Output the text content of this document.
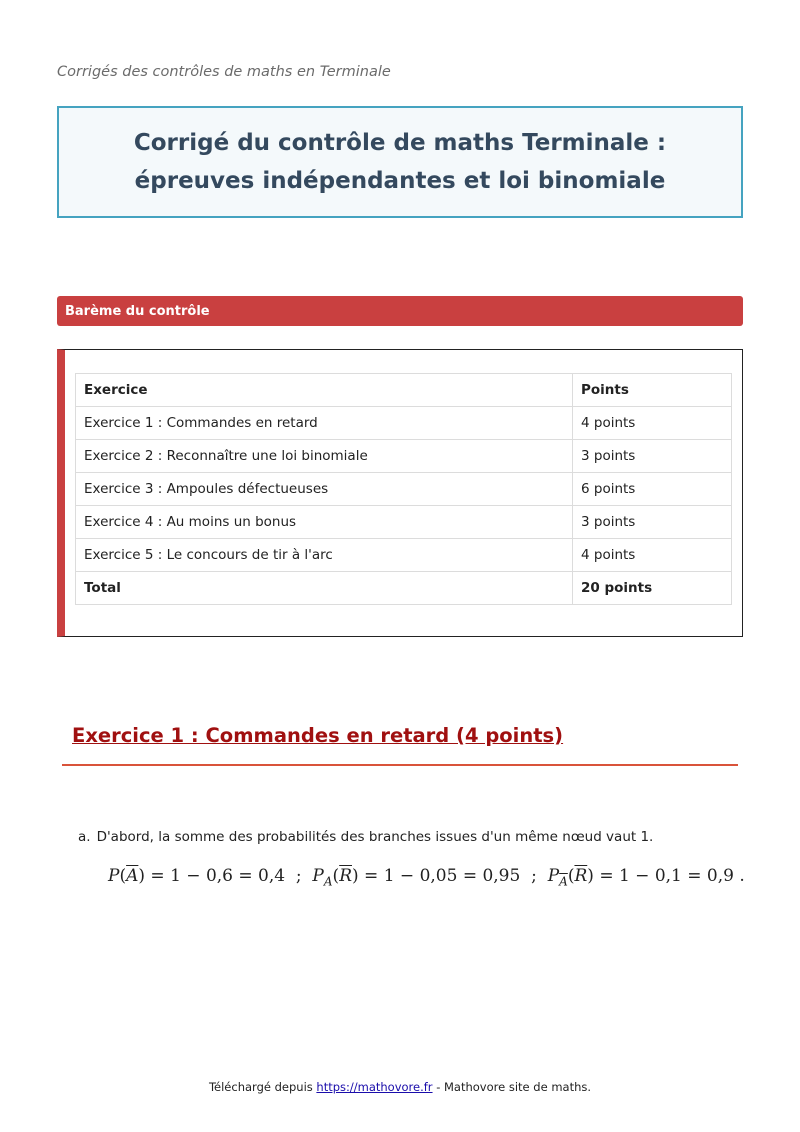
Corrigés des contrôles de maths en Terminale
Corrigé du contrôle de maths Terminale : épreuves indépendantes et loi binomiale
Barème du contrôle
Exercice	Points
Exercice 1 : Commandes en retard	4 points
Exercice 2 : Reconnaître une loi binomiale	3 points
Exercice 3 : Ampoules défectueuses	6 points
Exercice 4 : Au moins un bonus	3 points
Exercice 5 : Le concours de tir à l'arc	4 points
Total	20 points
Exercice 1 : Commandes en retard (4 points)
a. D'abord, la somme des probabilités des branches issues d'un même nœud vaut 1.
$P(\overline{A}) = 1 - 0,6 = 0,4$ ; $P_A(\overline{R}) = 1 - 0,05 = 0,95$ ; $P_{\overline{A}}(\overline{R}) = 1 - 0,1 = 0,9$ .
Téléchargé depuis https://mathovore.fr - Mathovore site de maths.
